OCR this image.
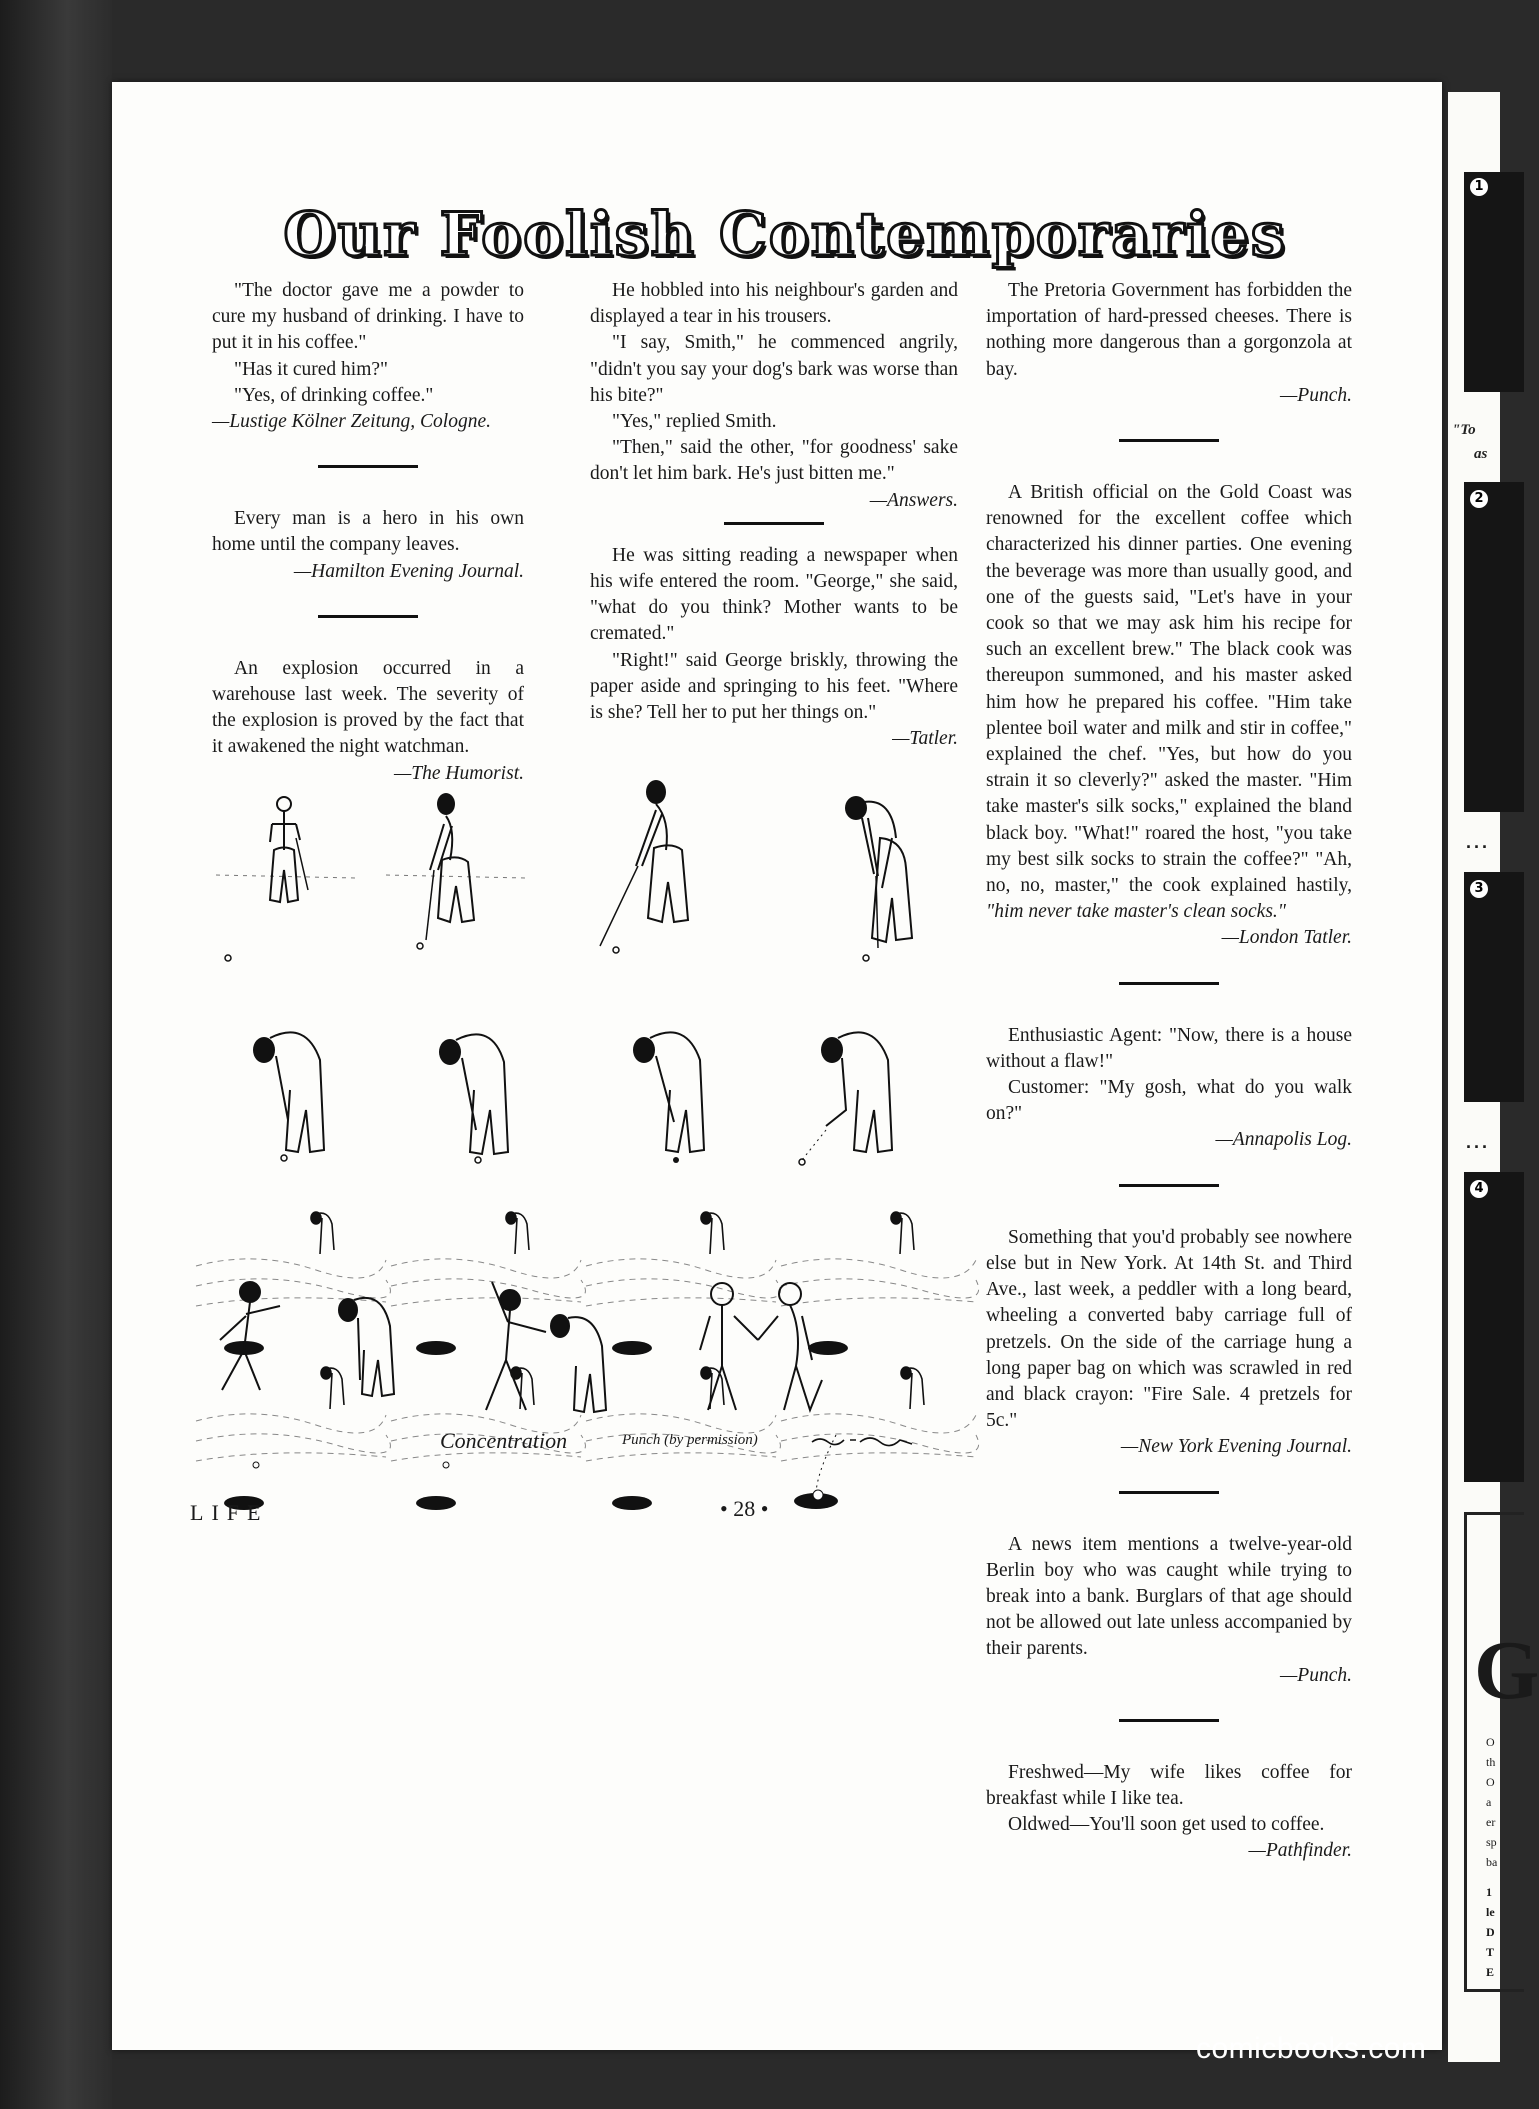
1
"To
as
2
...
3
...
4
G
O
th
O
a
er
sp
ba
1
le
D
T
E
Our Foolish Contemporaries

"The doctor gave me a powder to cure my husband of drinking. I have to put it in his coffee."

"Has it cured him?"

"Yes, of drinking coffee."

—Lustige Kölner Zeitung, Cologne.

Every man is a hero in his own home until the company leaves.

—Hamilton Evening Journal.

An explosion occurred in a warehouse last week. The severity of the explosion is proved by the fact that it awakened the night watchman.

—The Humorist.

He hobbled into his neighbour's garden and displayed a tear in his trousers.

"I say, Smith," he commenced angrily, "didn't you say your dog's bark was worse than his bite?"

"Yes," replied Smith.

"Then," said the other, "for goodness' sake don't let him bark. He's just bitten me."

—Answers.

He was sitting reading a newspaper when his wife entered the room. "George," she said, "what do you think? Mother wants to be cremated."

"Right!" said George briskly, throwing the paper aside and springing to his feet. "Where is she? Tell her to put her things on."

—Tatler.

The Pretoria Government has forbidden the importation of hard-pressed cheeses. There is nothing more dangerous than a gorgonzola at bay.

—Punch.

A British official on the Gold Coast was renowned for the excellent coffee which characterized his dinner parties. One evening the beverage was more than usually good, and one of the guests said, "Let's have in your cook so that we may ask him his recipe for such an excellent brew." The black cook was thereupon summoned, and his master asked him how he prepared his coffee. "Him take plentee boil water and milk and stir in coffee," explained the chef. "Yes, but how do you strain it so cleverly?" asked the master. "Him take master's silk socks," explained the bland black boy. "What!" roared the host, "you take my best silk socks to strain the coffee?" "Ah, no, no, master," the cook explained hastily, "him never take master's clean socks."

—London Tatler.

Enthusiastic Agent: "Now, there is a house without a flaw!"

Customer: "My gosh, what do you walk on?"

—Annapolis Log.

Something that you'd probably see nowhere else but in New York. At 14th St. and Third Ave., last week, a peddler with a long beard, wheeling a converted baby carriage full of pretzels. On the side of the carriage hung a long paper bag on which was scrawled in red and black crayon: "Fire Sale. 4 pretzels for 5c."

—New York Evening Journal.

A news item mentions a twelve-year-old Berlin boy who was caught while trying to break into a bank. Burglars of that age should not be allowed out late unless accompanied by their parents.

—Punch.

Freshwed—My wife likes coffee for breakfast while I like tea.

Oldwed—You'll soon get used to coffee.

—Pathfinder.
Concentration	Punch (by permission)
LIFE	• 28 •
comicbooks.com
